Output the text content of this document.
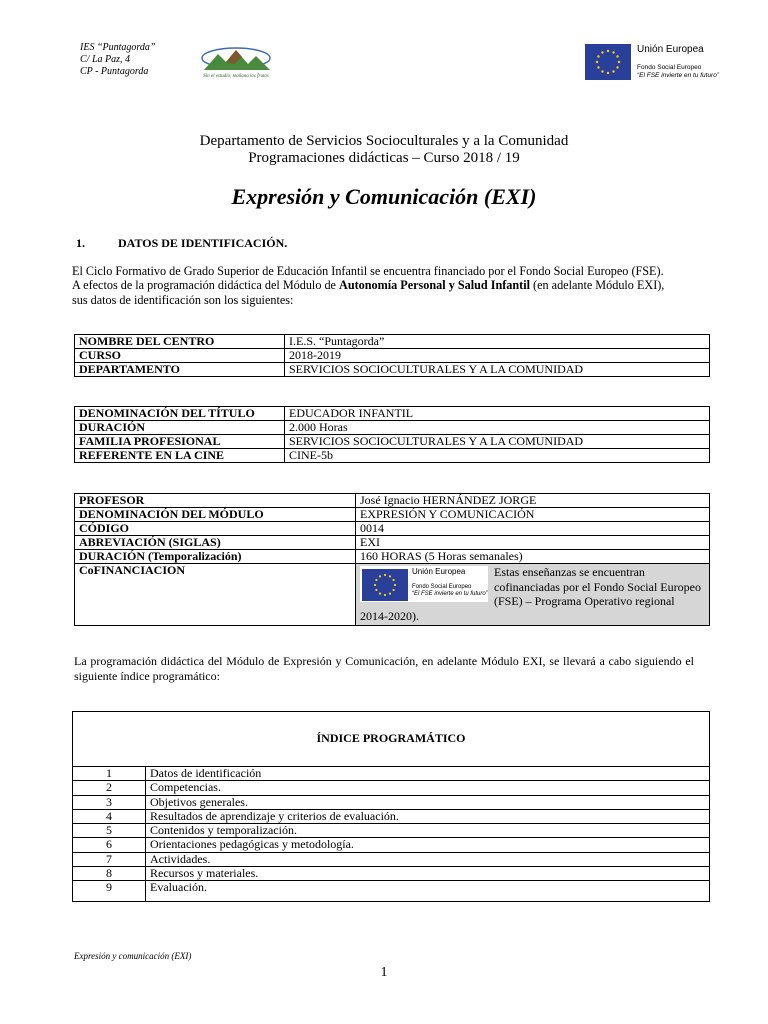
IES “Puntagorda”
C/ La Paz, 4
CP - Puntagorda	Sin el estudio, mañana los frutos
Unión Europea
Fondo Social Europeo
“El FSE invierte en tu futuro”
Departamento de Servicios Socioculturales y a la Comunidad
Programaciones didácticas – Curso 2018 / 19
Expresión y Comunicación (EXI)
1.	DATOS DE IDENTIFICACIÓN.
El Ciclo Formativo de Grado Superior de Educación Infantil se encuentra financiado por el Fondo Social Europeo (FSE).
A efectos de la programación didáctica del Módulo de Autonomía Personal y Salud Infantil (en adelante Módulo EXI),
sus datos de identificación son los siguientes:
NOMBRE DEL CENTRO	I.E.S. “Puntagorda”
CURSO	2018-2019
DEPARTAMENTO	SERVICIOS SOCIOCULTURALES Y A LA COMUNIDAD
DENOMINACIÓN DEL TÍTULO	EDUCADOR INFANTIL
DURACIÓN	2.000 Horas
FAMILIA PROFESIONAL	SERVICIOS SOCIOCULTURALES Y A LA COMUNIDAD
REFERENTE EN LA CINE	CINE-5b
PROFESOR	José Ignacio HERNÁNDEZ JORGE
DENOMINACIÓN DEL MÓDULO	EXPRESIÓN Y COMUNICACIÓN
CÓDIGO	0014
ABREVIACIÓN (SIGLAS)	EXI
DURACIÓN (Temporalización)	160 HORAS (5 Horas semanales)
CoFINANCIACION	Unión Europea
Fondo Social Europeo
“El FSE invierte en tu futuro”
Estas enseñanzas se encuentran cofinanciadas por el Fondo Social Europeo (FSE) – Programa Operativo regional 2014-2020).
La programación didáctica del Módulo de Expresión y Comunicación, en adelante Módulo EXI, se llevará a cabo siguiendo el siguiente índice programático:
ÍNDICE PROGRAMÁTICO	
1	Datos de identificación
2	Competencias.
3	Objetivos generales.
4	Resultados de aprendizaje y criterios de evaluación.
5	Contenidos y temporalización.
6	Orientaciones pedagógicas y metodología.
7	Actividades.
8	Recursos y materiales.
9	Evaluación.
Expresión y comunicación (EXI)
1
